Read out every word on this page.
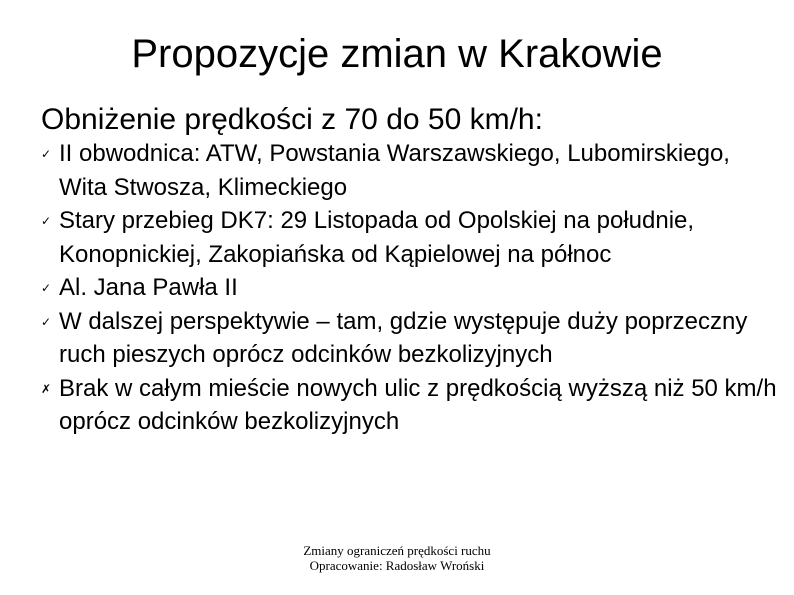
Propozycje zmian w Krakowie
Obniżenie prędkości z 70 do 50 km/h:
✓ II obwodnica: ATW, Powstania Warszawskiego, Lubomirskiego, Wita Stwosza, Klimeckiego
✓ Stary przebieg DK7: 29 Listopada od Opolskiej na południe, Konopnickiej, Zakopiańska od Kąpielowej na północ
✓ Al. Jana Pawła II
✓ W dalszej perspektywie – tam, gdzie występuje duży poprzeczny ruch pieszych oprócz odcinków bezkolizyjnych
✗ Brak w całym mieście nowych ulic z prędkością wyższą niż 50 km/h oprócz odcinków bezkolizyjnych
Zmiany ograniczeń prędkości ruchu
Opracowanie: Radosław Wroński
